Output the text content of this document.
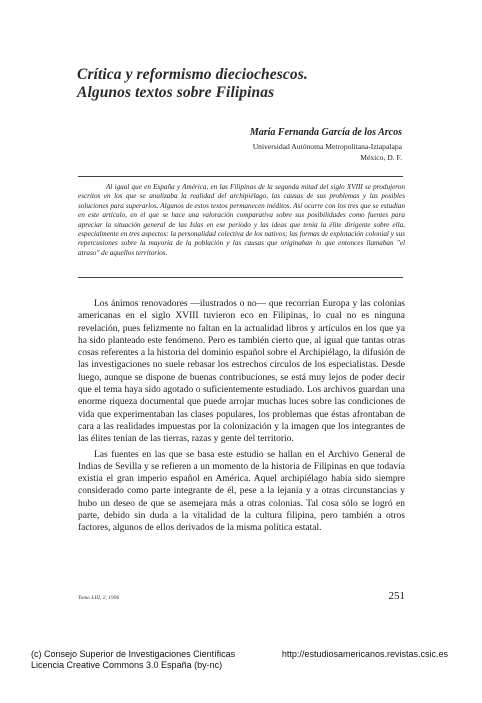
Crítica y reformismo dieciochescos.
Algunos textos sobre Filipinas
María Fernanda García de los Arcos
Universidad Autónoma Metropolitana-Iztapalapa
México, D. F.

Al igual que en España y América, en las Filipinas de la segunda mitad del siglo XVIII se produjeron escritos en los que se analizaba la realidad del archipiélago, las causas de sus problemas y las posibles soluciones para superarlos. Algunos de estos textos permanecen inéditos. Así ocurre con los tres que se estudian en este artículo, en el que se hace una valoración comparativa sobre sus posibilidades como fuentes para apreciar la situación general de las Islas en ese período y las ideas que tenía la élite dirigente sobre ella, especialmente en tres aspectos: la personalidad colectiva de los nativos; las formas de explotación colonial y sus repercusiones sobre la mayoría de la población y las causas que originaban lo que entonces llamaban "el atraso" de aquellos territorios.

Los ánimos renovadores —ilustrados o no— que recorrían Europa y las colonias americanas en el siglo XVIII tuvieron eco en Filipinas, lo cual no es ninguna revelación, pues felizmente no faltan en la actualidad libros y artículos en los que ya ha sido planteado este fenómeno. Pero es también cierto que, al igual que tantas otras cosas referentes a la historia del dominio español sobre el Archipiélago, la difusión de las investigaciones no suele rebasar los estrechos círculos de los especialistas. Desde luego, aunque se dispone de buenas contribuciones, se está muy lejos de poder decir que el tema haya sido agotado o suficientemente estudiado. Los archivos guardan una enorme riqueza documental que puede arrojar muchas luces sobre las condiciones de vida que experimentaban las clases populares, los problemas que éstas afrontaban de cara a las realidades impuestas por la colonización y la imagen que los integrantes de las élites tenían de las tierras, razas y gente del territorio.

Las fuentes en las que se basa este estudio se hallan en el Archivo General de Indias de Sevilla y se refieren a un momento de la historia de Filipinas en que todavía existía el gran imperio español en América. Aquel archipiélago había sido siempre considerado como parte integrante de él, pese a la lejanía y a otras circunstancias y hubo un deseo de que se asemejara más a otras colonias. Tal cosa sólo se logró en parte, debido sin duda a la vitalidad de la cultura filipina, pero también a otros factores, algunos de ellos derivados de la misma política estatal.

Tomo LIII, 2, 1996	251
(c) Consejo Superior de Investigaciones Científicas
Licencia Creative Commons 3.0 España (by-nc)
http://estudiosamericanos.revistas.csic.es
